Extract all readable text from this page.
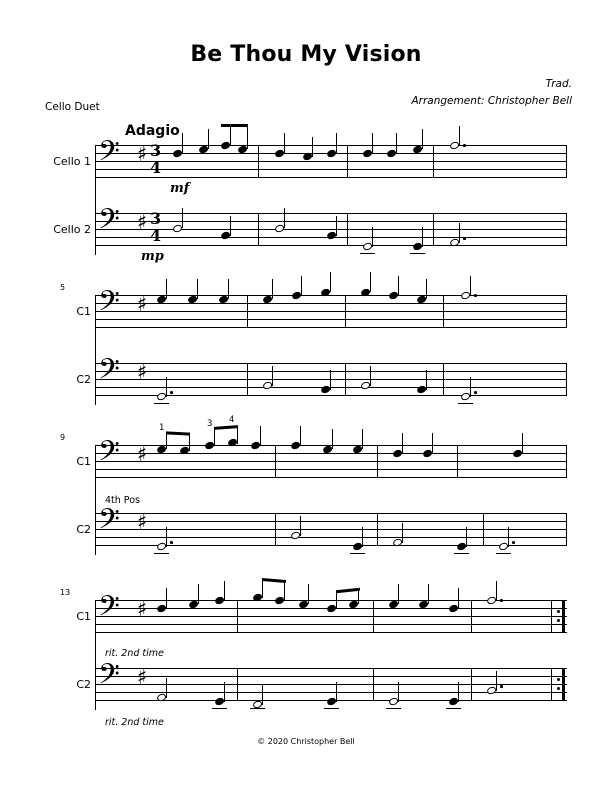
Be Thou My Vision
Trad.
Arrangement: Christopher Bell
Cello Duet
Adagio
Cello 1
Cello 2
𝄢 ♯ 3
4
mf
𝄢 ♯ 3
4
mp
5
C1
C2
𝄢 ♯
𝄢 ♯
9
C1
C2
1	3 4
𝄢 ♯
4th Pos
𝄢 ♯
13
C1
C2
𝄢 ♯
rit. 2nd time
𝄢 ♯
rit. 2nd time
© 2020 Christopher Bell
